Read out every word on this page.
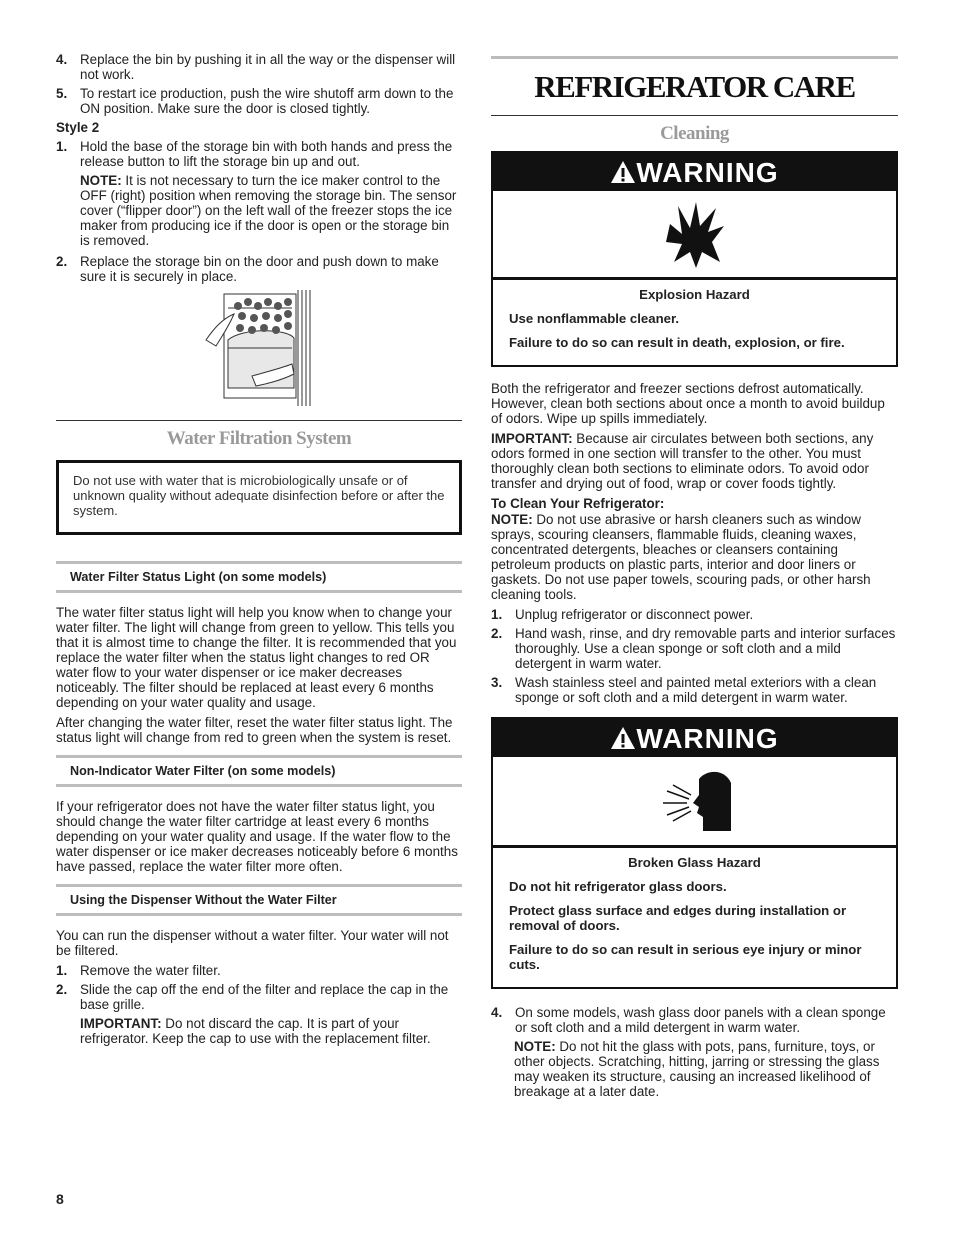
4. Replace the bin by pushing it in all the way or the dispenser will not work.
5. To restart ice production, push the wire shutoff arm down to the ON position. Make sure the door is closed tightly.
Style 2
1. Hold the base of the storage bin with both hands and press the release button to lift the storage bin up and out.

NOTE: It is not necessary to turn the ice maker control to the OFF (right) position when removing the storage bin. The sensor cover (“flipper door”) on the left wall of the freezer stops the ice maker from producing ice if the door is open or the storage bin is removed.

2. Replace the storage bin on the door and push down to make sure it is securely in place.
Water Filtration System
Do not use with water that is microbiologically unsafe or of unknown quality without adequate disinfection before or after the system.
Water Filter Status Light (on some models)

The water filter status light will help you know when to change your water filter. The light will change from green to yellow. This tells you that it is almost time to change the filter. It is recommended that you replace the water filter when the status light changes to red OR water flow to your water dispenser or ice maker decreases noticeably. The filter should be replaced at least every 6 months depending on your water quality and usage.

After changing the water filter, reset the water filter status light. The status light will change from red to green when the system is reset.

Non-Indicator Water Filter (on some models)

If your refrigerator does not have the water filter status light, you should change the water filter cartridge at least every 6 months depending on your water quality and usage. If the water flow to the water dispenser or ice maker decreases noticeably before 6 months have passed, replace the water filter more often.

Using the Dispenser Without the Water Filter

You can run the dispenser without a water filter. Your water will not be filtered.

1. Remove the water filter.
2. Slide the cap off the end of the filter and replace the cap in the base grille.

IMPORTANT: Do not discard the cap. It is part of your refrigerator. Keep the cap to use with the replacement filter.

REFRIGERATOR CARE
Cleaning
WARNING

Explosion Hazard

Use nonflammable cleaner.

Failure to do so can result in death, explosion, or fire.

Both the refrigerator and freezer sections defrost automatically. However, clean both sections about once a month to avoid buildup of odors. Wipe up spills immediately.

IMPORTANT: Because air circulates between both sections, any odors formed in one section will transfer to the other. You must thoroughly clean both sections to eliminate odors. To avoid odor transfer and drying out of food, wrap or cover foods tightly.

To Clean Your Refrigerator:

NOTE: Do not use abrasive or harsh cleaners such as window sprays, scouring cleansers, flammable fluids, cleaning waxes, concentrated detergents, bleaches or cleansers containing petroleum products on plastic parts, interior and door liners or gaskets. Do not use paper towels, scouring pads, or other harsh cleaning tools.

1. Unplug refrigerator or disconnect power.
2. Hand wash, rinse, and dry removable parts and interior surfaces thoroughly. Use a clean sponge or soft cloth and a mild detergent in warm water.
3. Wash stainless steel and painted metal exteriors with a clean sponge or soft cloth and a mild detergent in warm water.
WARNING

Broken Glass Hazard

Do not hit refrigerator glass doors.

Protect glass surface and edges during installation or removal of doors.

Failure to do so can result in serious eye injury or minor cuts.

4. On some models, wash glass door panels with a clean sponge or soft cloth and a mild detergent in warm water.

NOTE: Do not hit the glass with pots, pans, furniture, toys, or other objects. Scratching, hitting, jarring or stressing the glass may weaken its structure, causing an increased likelihood of breakage at a later date.

8
